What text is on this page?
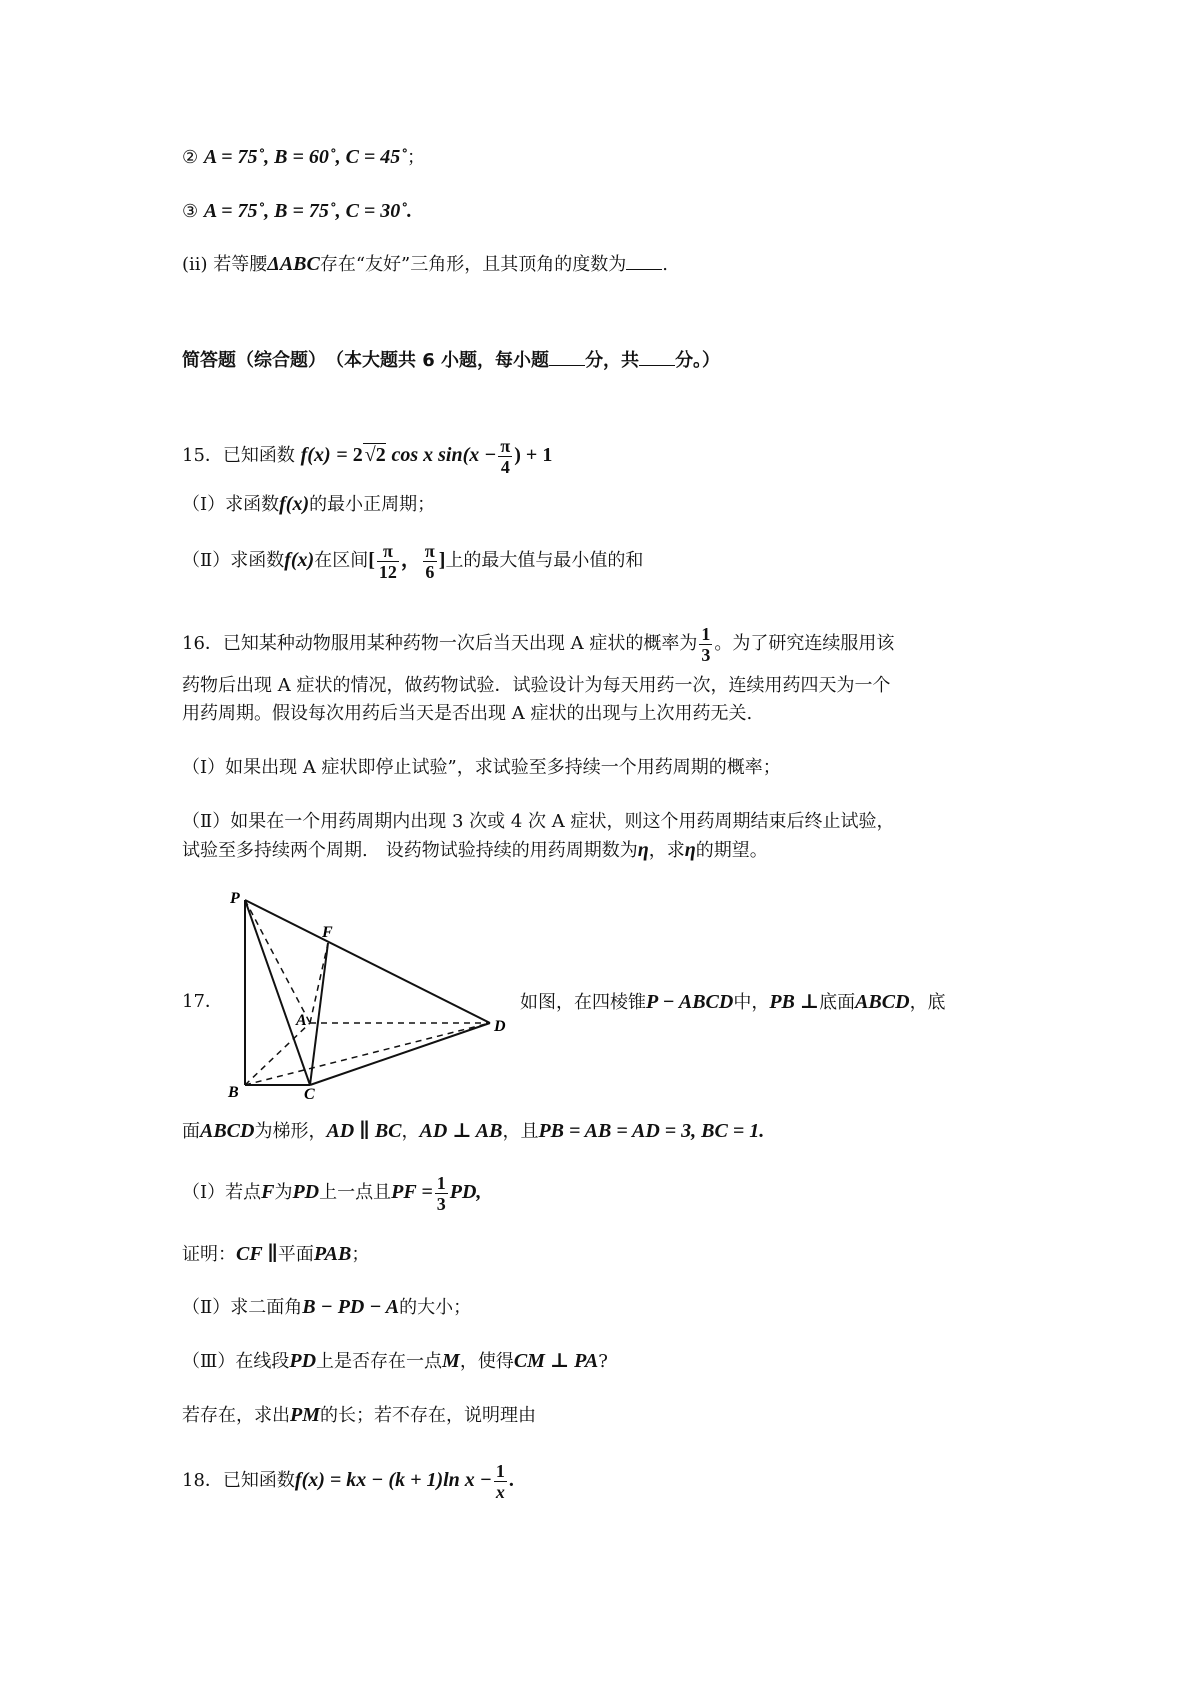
② A = 75˚, B = 60˚, C = 45˚；
③ A = 75˚, B = 75˚, C = 30˚.
(ii) 若等腰ΔABC存在“友好”三角形，且其顶角的度数为 .
简答题（综合题）　（本大题共 6 小题，每小题 分，共 分。）
15．已知函数 f(x) = 2 √2 cos x $\sin(x - \frac{\pi}{4}$ ) + 1
（Ⅰ）求函数f(x)的最小正周期；
（Ⅱ）求函数f(x)在区间[ $\frac{\pi}{12}$ ， $\frac{\pi}{6}$ ]上的最大值与最小值的和
16．已知某种动物服用某种药物一次后当天出现 A 症状的概率为 $\frac{1}{3}$ 。为了研究连续服用该
药物后出现 A 症状的情况，做药物试验．试验设计为每天用药一次，连续用药四天为一个
用药周期。假设每次用药后当天是否出现 A 症状的出现与上次用药无关.
（Ⅰ）如果出现 A 症状即停止试验”，求试验至多持续一个用药周期的概率；
（Ⅱ）如果在一个用药周期内出现 3 次或 4 次 A 症状，则这个用药周期结束后终止试验，
试验至多持续两个周期.　设药物试验持续的用药周期数为η，求η的期望。
17．
P
F
A	D
B	C
如图，在四棱锥P − ABCD中，PB ⊥底面ABCD，底
面ABCD为梯形，AD ∥ BC，AD ⊥ AB，且PB = AB = AD = 3, BC = 1.
（Ⅰ）若点F为PD上一点且PF = $\frac{1}{3}$ PD,
证明：CF ∥平面PAB；
（Ⅱ）求二面角B − PD − A的大小；
（Ⅲ）在线段PD上是否存在一点M，使得CM ⊥ PA?
若存在，求出PM的长；若不存在，说明理由
18．已知函数f(x) = kx − (k + 1)ln $x - \frac{1}{x}$ .
